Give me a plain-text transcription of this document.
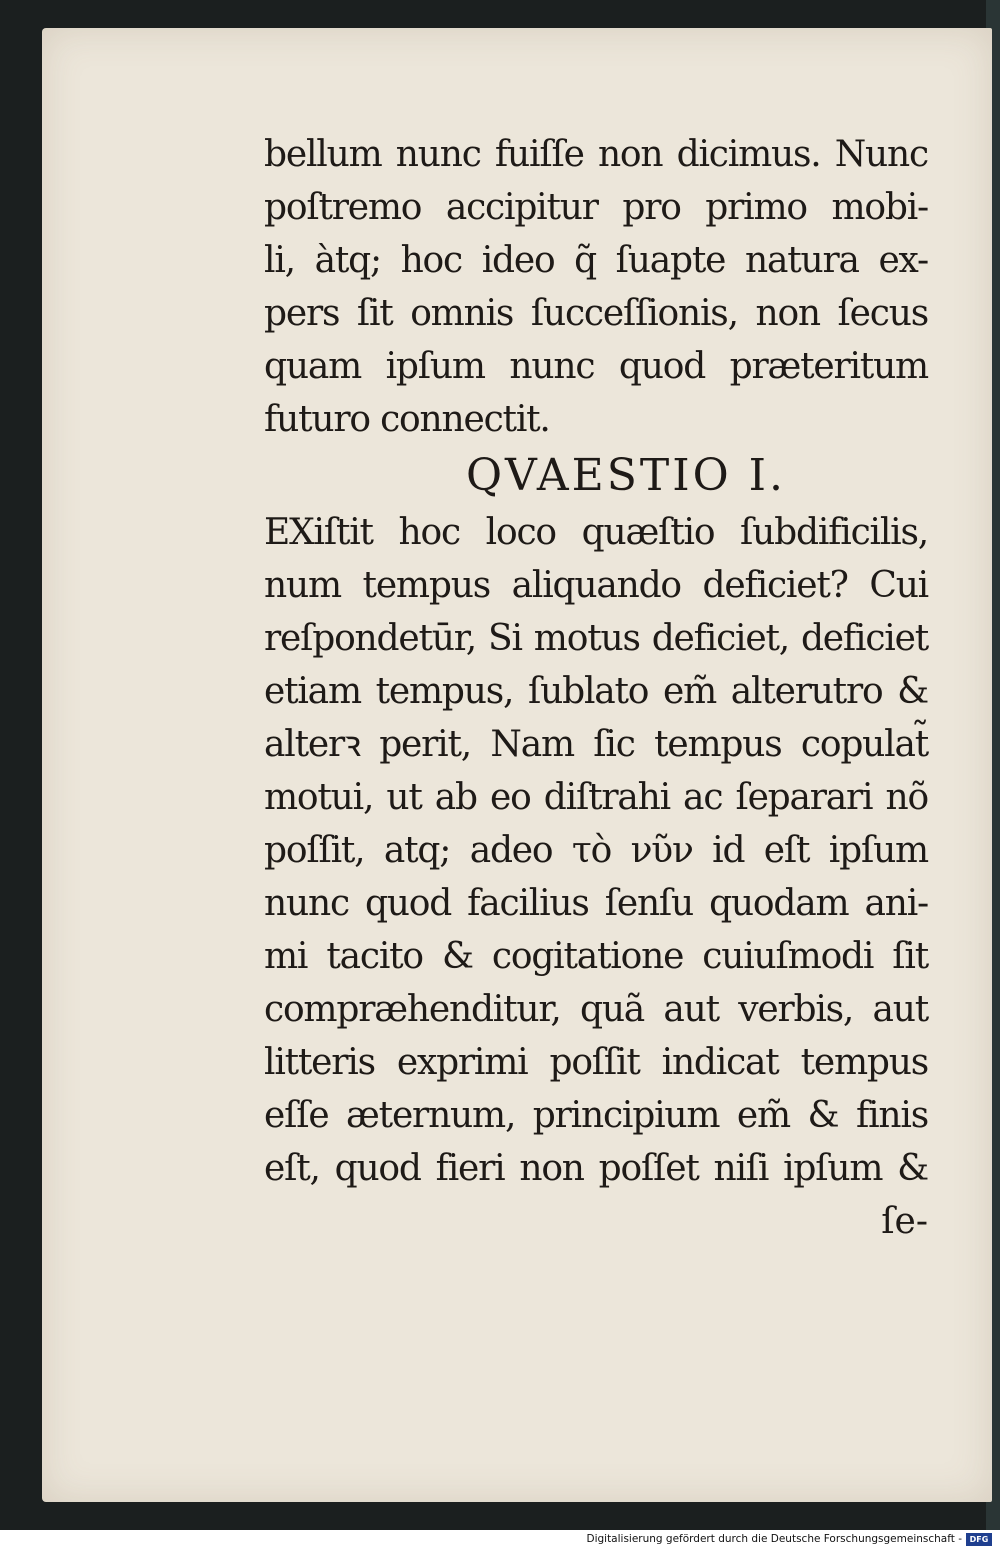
bellum nunc fuiſſe non dicimus. Nunc
poſtremo accipitur pro primo mobi-
li, àtq; hoc ideo q̃ ſuapte natura ex-
pers ſit omnis ſucceſſionis, non ſecus
quam ipſum nunc quod præteritum
futuro connectit.
QVAESTIO I.
EXiſtit hoc loco quæſtio ſubdificilis,
num tempus aliquando deficiet? Cui
reſpondetūr, Si motus deficiet, deficiet
etiam tempus, ſublato em̃ alterutro &
alterꝛ perit, Nam ſic tempus copulat̃
motui, ut ab eo diſtrahi ac ſeparari nõ
poſſit, atq; adeo τὸ νῦν id eſt ipſum
nunc quod facilius ſenſu quodam ani-
mi tacito & cogitatione cuiuſmodi ſit
compræhenditur, quã aut verbis, aut
litteris exprimi poſſit indicat tempus
eſſe æternum, principium em̃ & finis
eſt, quod fieri non poſſet niſi ipſum &
ſe-
Digitalisierung gefördert durch die Deutsche Forschungsgemeinschaft - DFG
